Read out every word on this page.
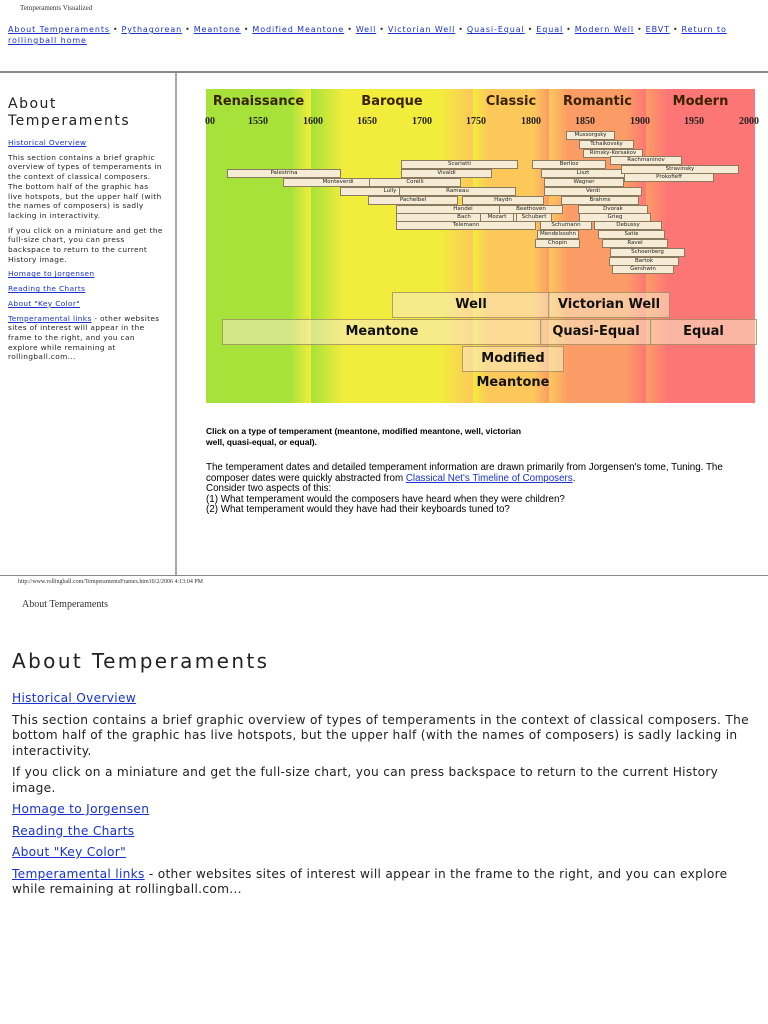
Temperaments Visualized
About Temperaments • Pythagorean • Meantone • Modified Meantone • Well • Victorian Well • Quasi-Equal • Equal • Modern Well • EBVT • Return to rollingball home
About Temperaments

Historical Overview

This section contains a brief graphic overview of types of temperaments in the context of classical composers. The bottom half of the graphic has live hotspots, but the upper half (with the names of composers) is sadly lacking in interactivity.

If you click on a miniature and get the full-size chart, you can press backspace to return to the current History image.

Homage to Jorgensen

Reading the Charts

About "Key Color"

Temperamental links - other websites sites of interest will appear in the frame to the right, and you can explore while remaining at rollingball.com...

Renaissance	Baroque	Classic	Romantic	Modern
00	1550	1600	1650	1700	1750	1800	1850	1900	1950	2000
Palestrina
Monteverdi
Lully
Corelli
Pachelbel
Vivaldi
Scarlatti
Rameau
Handel
Bach
Telemann
Haydn
Mozart
Beethoven
Schubert
Schumann
Mendelssohn
Chopin
Berlioz
Liszt
Wagner
Verdi
Brahms
Dvorak
Grieg
Debussy
Satie
Ravel
Schoenberg
Bartok
Gershwin
Mussorgsky
Tchaikovsky
Rimsky-Korsakov
Rachmaninov
Stravinsky
Prokofieff
Well	Victorian Well
Meantone	Quasi-Equal	Equal
Modified Meantone
Click on a type of temperament (meantone, modified meantone, well, victorian well, quasi-equal, or equal).
The temperament dates and detailed temperament information are drawn primarily from Jorgensen's tome, Tuning. The composer dates were quickly abstracted from Classical Net's Timeline of Composers.
Consider two aspects of this:
(1) What temperament would the composers have heard when they were children?
(2) What temperament would they have had their keyboards tuned to?
http://www.rollingball.com/TemperamentsFrames.htm10/2/2006 4:13:04 PM
About Temperaments
About Temperaments

Historical Overview

This section contains a brief graphic overview of types of temperaments in the context of classical composers. The bottom half of the graphic has live hotspots, but the upper half (with the names of composers) is sadly lacking in interactivity.

If you click on a miniature and get the full-size chart, you can press backspace to return to the current History image.

Homage to Jorgensen

Reading the Charts

About "Key Color"

Temperamental links - other websites sites of interest will appear in the frame to the right, and you can explore while remaining at rollingball.com...
